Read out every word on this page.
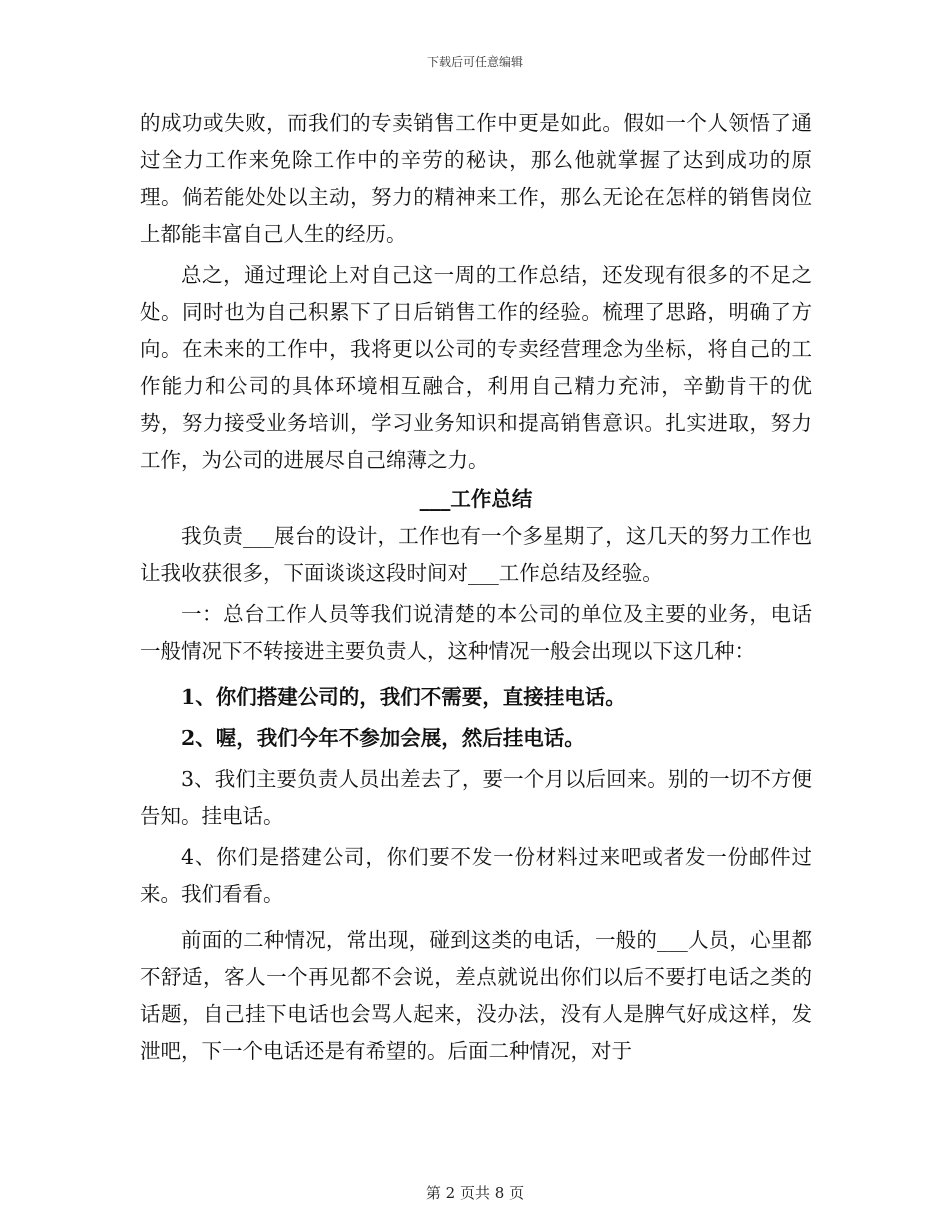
下载后可任意编辑

的成功或失败，而我们的专卖销售工作中更是如此。假如一个人领悟了通过全力工作来免除工作中的辛劳的秘诀，那么他就掌握了达到成功的原理。倘若能处处以主动，努力的精神来工作，那么无论在怎样的销售岗位上都能丰富自己人生的经历。

总之，通过理论上对自己这一周的工作总结，还发现有很多的不足之处。同时也为自己积累下了日后销售工作的经验。梳理了思路，明确了方向。在未来的工作中，我将更以公司的专卖经营理念为坐标，将自己的工作能力和公司的具体环境相互融合，利用自己精力充沛，辛勤肯干的优势，努力接受业务培训，学习业务知识和提高销售意识。扎实进取，努力工作，为公司的进展尽自己绵薄之力。

___工作总结

我负责___展台的设计，工作也有一个多星期了，这几天的努力工作也让我收获很多，下面谈谈这段时间对___工作总结及经验。

一：总台工作人员等我们说清楚的本公司的单位及主要的业务，电话一般情况下不转接进主要负责人，这种情况一般会出现以下这几种：

1、你们搭建公司的，我们不需要，直接挂电话。

2、喔，我们今年不参加会展，然后挂电话。

3、我们主要负责人员出差去了，要一个月以后回来。别的一切不方便告知。挂电话。

4、你们是搭建公司，你们要不发一份材料过来吧或者发一份邮件过来。我们看看。

前面的二种情况，常出现，碰到这类的电话，一般的___人员，心里都不舒适，客人一个再见都不会说，差点就说出你们以后不要打电话之类的话题，自己挂下电话也会骂人起来，没办法，没有人是脾气好成这样，发泄吧，下一个电话还是有希望的。后面二种情况，对于

第 2 页共 8 页
